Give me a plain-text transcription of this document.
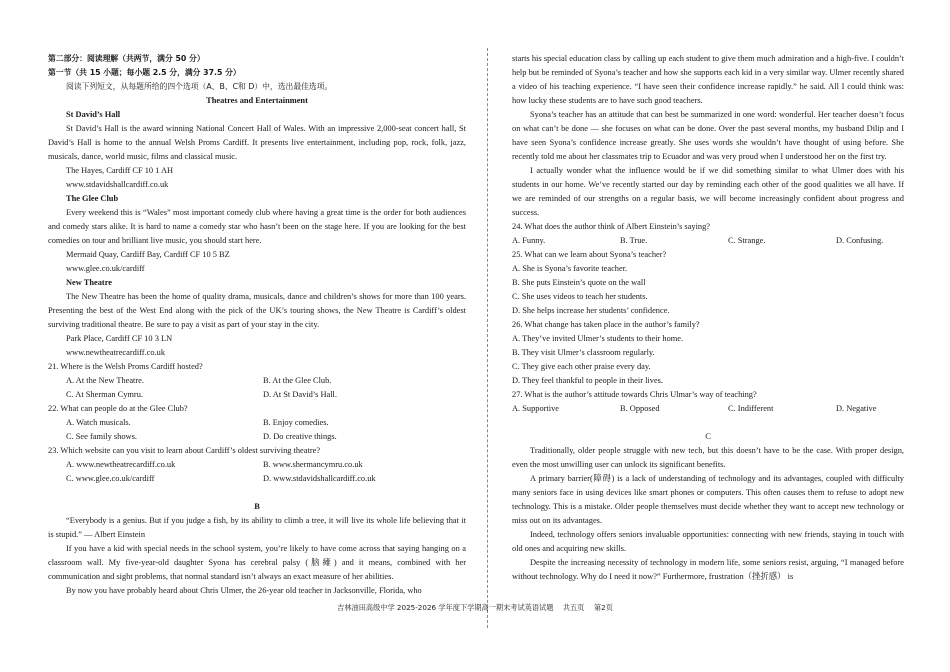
第二部分：阅读理解（共两节，满分 50 分）

第一节（共 15 小题；每小题 2.5 分，满分 37.5 分）

阅读下列短文，从每题所给的四个选项（A、B、C和 D）中，选出最佳选项。

Theatres and Entertainment

St David’s Hall

St David’s Hall is the award winning National Concert Hall of Wales. With an impressive 2,000-seat concert hall, St David’s Hall is home to the annual Welsh Proms Cardiff. It presents live entertainment, including pop, rock, folk, jazz, musicals, dance, world music, films and classical music.

The Hayes, Cardiff CF 10 1 AH

www.stdavidshallcardiff.co.uk

The Glee Club

Every weekend this is “Wales” most important comedy club where having a great time is the order for both audiences and comedy stars alike. It is hard to name a comedy star who hasn’t been on the stage here. If you are looking for the best comedies on tour and brilliant live music, you should start here.

Mermaid Quay, Cardiff Bay, Cardiff CF 10 5 BZ

www.glee.co.uk/cardiff

New Theatre

The New Theatre has been the home of quality drama, musicals, dance and children’s shows for more than 100 years. Presenting the best of the West End along with the pick of the UK’s touring shows, the New Theatre is Cardiff’s oldest surviving traditional theatre. Be sure to pay a visit as part of your stay in the city.

Park Place, Cardiff CF 10 3 LN

www.newtheatrecardiff.co.uk

21. Where is the Welsh Proms Cardiff hosted?

A. At the New Theatre.	B. At the Glee Club.
C. At Sherman Cymru.	D. At St David’s Hall.

22. What can people do at the Glee Club?

A. Watch musicals.	B. Enjoy comedies.
C. See family shows.	D. Do creative things.

23. Which website can you visit to learn about Cardiff’s oldest surviving theatre?

A. www.newtheatrecardiff.co.uk	B. www.shermancymru.co.uk
C. www.glee.co.uk/cardiff	D. www.stdavidshallcardiff.co.uk

B

“Everybody is a genius. But if you judge a fish, by its ability to climb a tree, it will live its whole life believing that it is stupid.” — Albert Einstein

If you have a kid with special needs in the school system, you’re likely to have come across that saying hanging on a classroom wall. My five-year-old daughter Syona has cerebral palsy (脑瘫) and it means, combined with her communication and sight problems, that normal standard isn’t always an exact measure of her abilities.

By now you have probably heard about Chris Ulmer, the 26-year old teacher in Jacksonville, Florida, who

starts his special education class by calling up each student to give them much admiration and a high-five. I couldn’t help but be reminded of Syona’s teacher and how she supports each kid in a very similar way. Ulmer recently shared a video of his teaching experience. “I have seen their confidence increase rapidly.” he said. All I could think was: how lucky these students are to have such good teachers.

Syona’s teacher has an attitude that can best be summarized in one word: wonderful. Her teacher doesn’t focus on what can’t be done — she focuses on what can be done. Over the past several months, my husband Dilip and I have seen Syona’s confidence increase greatly. She uses words she wouldn’t have thought of using before. She recently told me about her classmates trip to Ecuador and was very proud when I understood her on the first try.

I actually wonder what the influence would be if we did something similar to what Ulmer does with his students in our home. We’ve recently started our day by reminding each other of the good qualities we all have. If we are reminded of our strengths on a regular basis, we will become increasingly confident about progress and success.

24. What does the author think of Albert Einstein’s saying?

A. Funny.	B. True.	C. Strange.	D. Confusing.

25. What can we learn about Syona’s teacher?

A. She is Syona’s favorite teacher.

B. She puts Einstein’s quote on the wall

C. She uses videos to teach her students.

D. She helps increase her students’ confidence.

26. What change has taken place in the author’s family?

A. They’ve invited Ulmer’s students to their home.

B. They visit Ulmer’s classroom regularly.

C. They give each other praise every day.

D. They feel thankful to people in their lives.

27. What is the author’s attitude towards Chris Ulmar’s way of teaching?

A. Supportive	B. Opposed	C. Indifferent	D. Negative

C

Traditionally, older people struggle with new tech, but this doesn’t have to be the case. With proper design, even the most unwilling user can unlock its significant benefits.

A primary barrier(障碍) is a lack of understanding of technology and its advantages, coupled with difficulty many seniors face in using devices like smart phones or computers. This often causes them to refuse to adopt new technology. This is a mistake. Older people themselves must decide whether they want to accept new technology or miss out on its advantages.

Indeed, technology offers seniors invaluable opportunities: connecting with new friends, staying in touch with old ones and acquiring new skills.

Despite the increasing necessity of technology in modern life, some seniors resist, arguing, “I managed before without technology. Why do I need it now?” Furthermore, frustration（挫折感） is

吉林油田高级中学 2025-2026 学年度下学期高一期末考试英语试题　 共五页　 第2页
